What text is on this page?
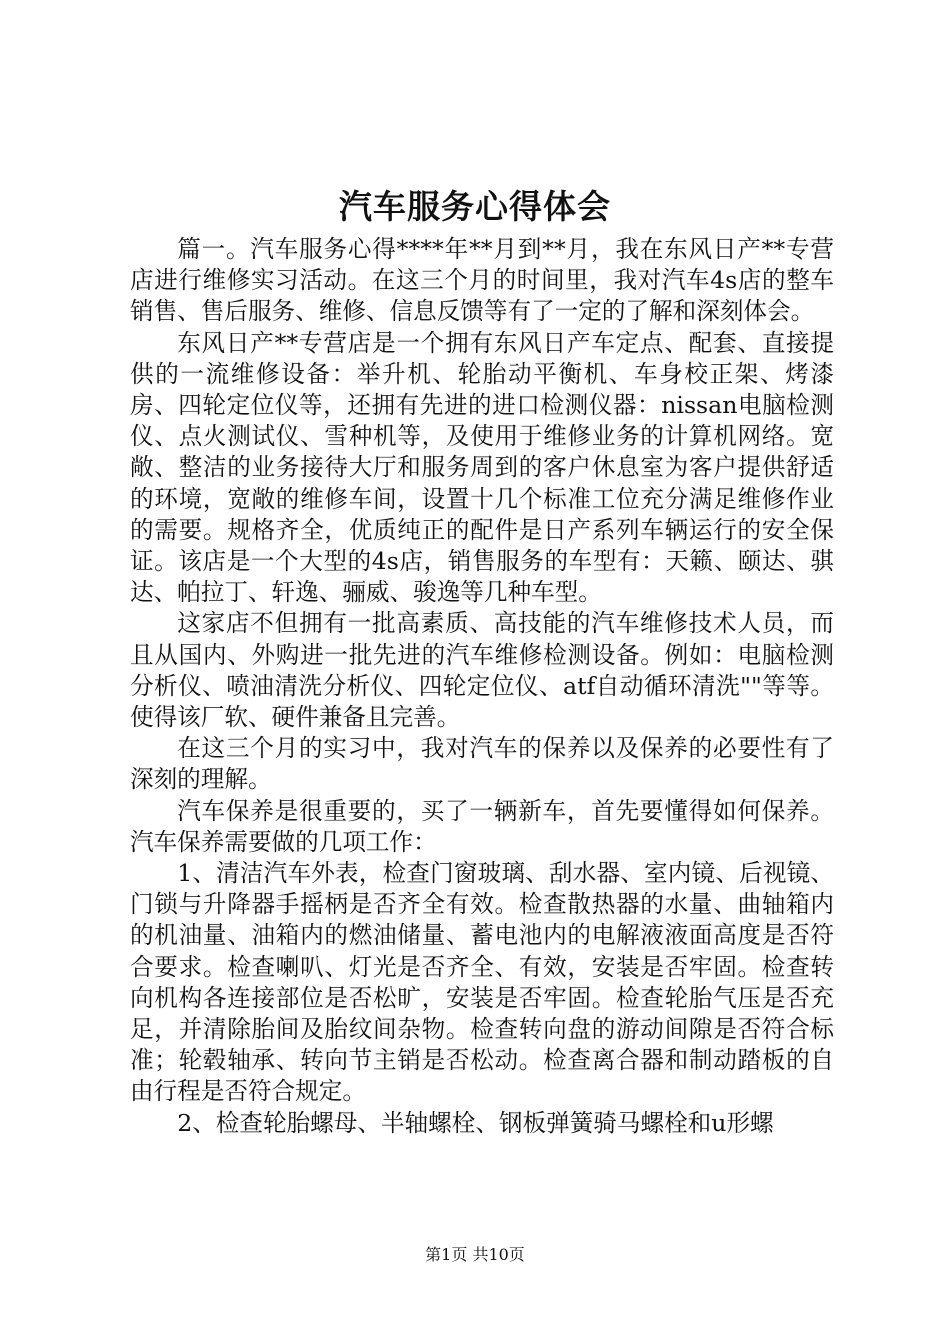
汽车服务心得体会

篇一。汽车服务心得****年**月到**月，我在东风日产**专营店进行维修实习活动。在这三个月的时间里，我对汽车4s店的整车销售、售后服务、维修、信息反馈等有了一定的了解和深刻体会。

东风日产**专营店是一个拥有东风日产车定点、配套、直接提供的一流维修设备：举升机、轮胎动平衡机、车身校正架、烤漆房、四轮定位仪等，还拥有先进的进口检测仪器：nissan电脑检测仪、点火测试仪、雪种机等，及使用于维修业务的计算机网络。宽敞、整洁的业务接待大厅和服务周到的客户休息室为客户提供舒适的环境，宽敞的维修车间，设置十几个标准工位充分满足维修作业的需要。规格齐全，优质纯正的配件是日产系列车辆运行的安全保证。该店是一个大型的4s店，销售服务的车型有：天籁、颐达、骐达、帕拉丁、轩逸、骊威、骏逸等几种车型。

这家店不但拥有一批高素质、高技能的汽车维修技术人员，而且从国内、外购进一批先进的汽车维修检测设备。例如：电脑检测分析仪、喷油清洗分析仪、四轮定位仪、atf自动循环清洗""等等。使得该厂软、硬件兼备且完善。

在这三个月的实习中，我对汽车的保养以及保养的必要性有了深刻的理解。

汽车保养是很重要的，买了一辆新车，首先要懂得如何保养。汽车保养需要做的几项工作：

1、清洁汽车外表，检查门窗玻璃、刮水器、室内镜、后视镜、门锁与升降器手摇柄是否齐全有效。检查散热器的水量、曲轴箱内的机油量、油箱内的燃油储量、蓄电池内的电解液液面高度是否符合要求。检查喇叭、灯光是否齐全、有效，安装是否牢固。检查转向机构各连接部位是否松旷，安装是否牢固。检查轮胎气压是否充足，并清除胎间及胎纹间杂物。检查转向盘的游动间隙是否符合标准；轮毂轴承、转向节主销是否松动。检查离合器和制动踏板的自由行程是否符合规定。

2、检查轮胎螺母、半轴螺栓、钢板弹簧骑马螺栓和u形螺

第1页 共10页
